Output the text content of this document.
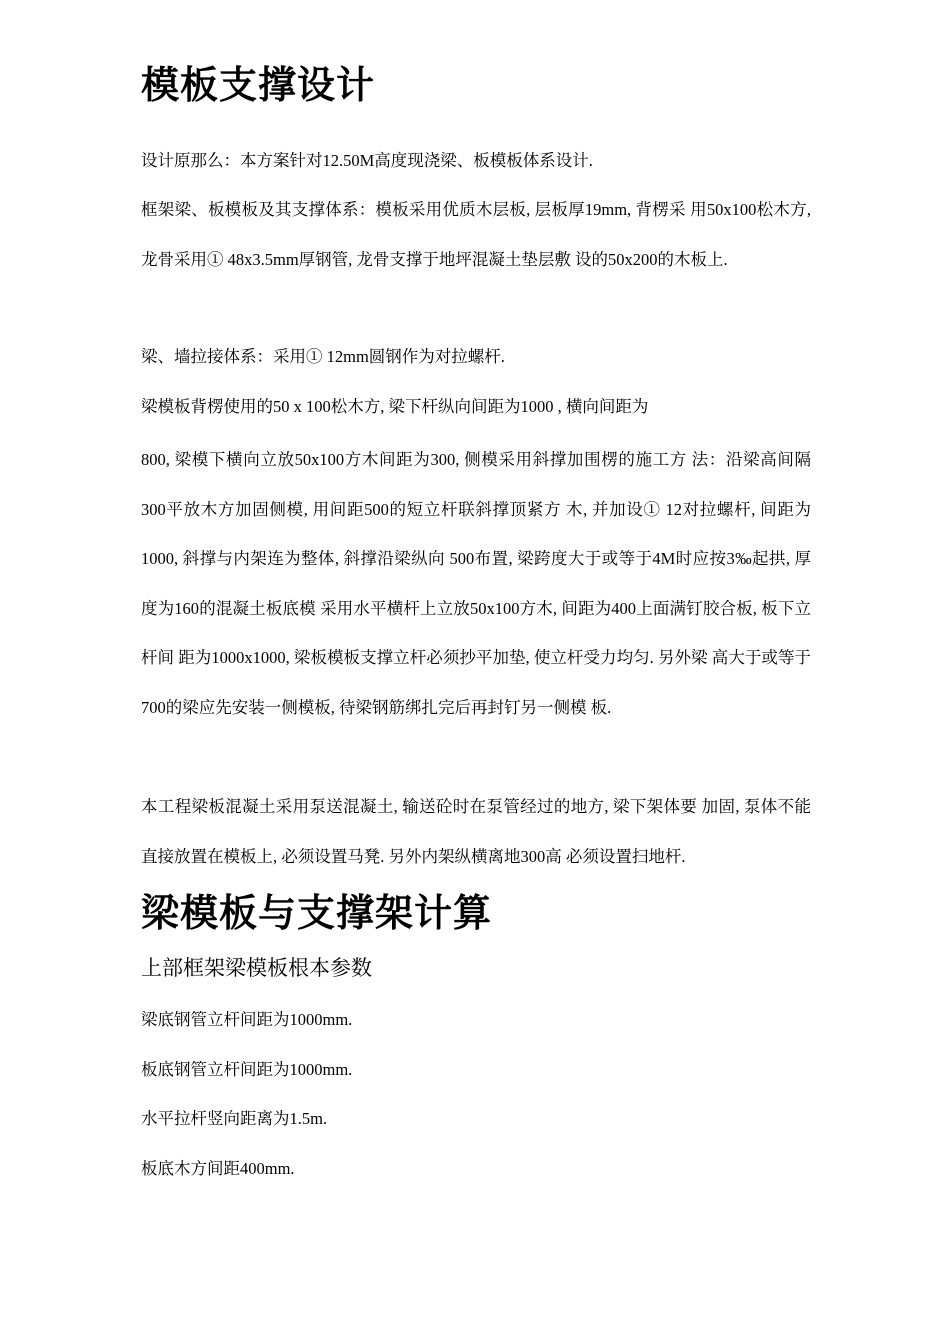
模板支撑设计

设计原那么：本方案针对12.50M高度现浇梁、板模板体系设计.

框架梁、板模板及其支撑体系：模板采用优质木层板, 层板厚19mm, 背楞采 用50x100松木方, 龙骨采用① 48x3.5mm厚钢管, 龙骨支撑于地坪混凝土垫层敷 设的50x200的木板上.

梁、墙拉接体系：采用① 12mm圆钢作为对拉螺杆.

梁模板背楞使用的50 x 100松木方, 梁下杆纵向间距为1000 , 横向间距为

800, 梁模下横向立放50x100方木间距为300, 侧模采用斜撑加围楞的施工方 法：沿梁高间隔300平放木方加固侧模, 用间距500的短立杆联斜撑顶紧方 木, 并加设① 12对拉螺杆, 间距为1000, 斜撑与内架连为整体, 斜撑沿梁纵向 500布置, 梁跨度大于或等于4M时应按3‰起拱, 厚度为160的混凝土板底模 采用水平横杆上立放50x100方木, 间距为400上面满钉胶合板, 板下立杆间 距为1000x1000, 梁板模板支撑立杆必须抄平加垫, 使立杆受力均匀. 另外梁 高大于或等于700的梁应先安装一侧模板, 待梁钢筋绑扎完后再封钉另一侧模 板.

本工程梁板混凝土采用泵送混凝土, 输送砼时在泵管经过的地方, 梁下架体要 加固, 泵体不能直接放置在模板上, 必须设置马凳. 另外内架纵横离地300高 必须设置扫地杆.

梁模板与支撑架计算
上部框架梁模板根本参数

梁底钢管立杆间距为1000mm.

板底钢管立杆间距为1000mm.

水平拉杆竖向距离为1.5m.

板底木方间距400mm.
